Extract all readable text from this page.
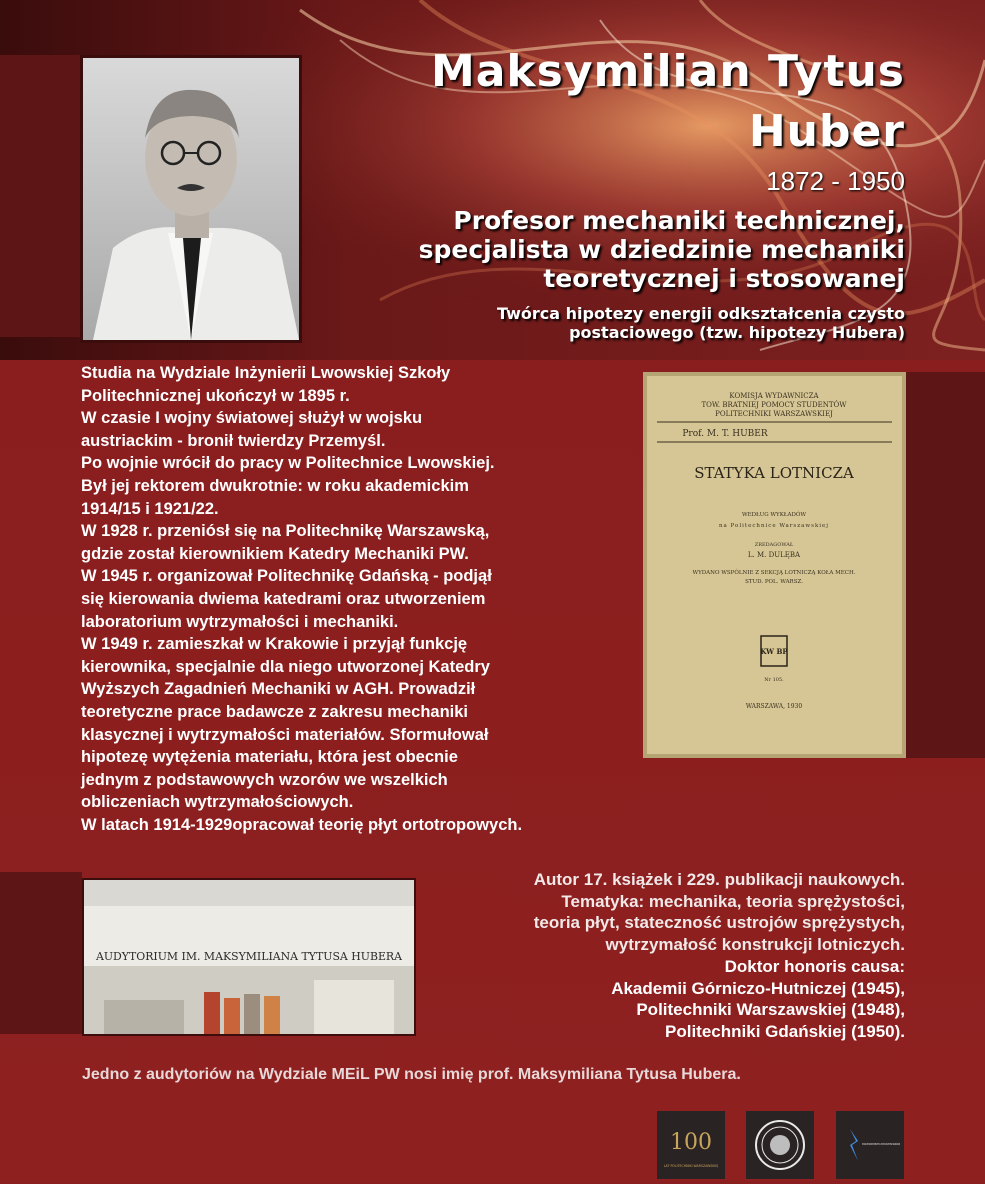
Maksymilian Tytus
Huber
1872 - 1950
Profesor mechaniki technicznej,
specjalista w dziedzinie mechaniki
teoretycznej i stosowanej
Twórca hipotezy energii odkształcenia czysto
postaciowego (tzw. hipotezy Hubera)

Studia na Wydziale Inżynierii Lwowskiej Szkoły

Politechnicznej ukończył w 1895 r.

W czasie I wojny światowej służył w wojsku

austriackim - bronił twierdzy Przemyśl.

Po wojnie wrócił do pracy w Politechnice Lwowskiej.

Był jej rektorem dwukrotnie: w roku akademickim

1914/15 i 1921/22.

W 1928 r. przeniósł się na Politechnikę Warszawską,

gdzie został kierownikiem Katedry Mechaniki PW.

W 1945 r. organizował Politechnikę Gdańską - podjął

się kierowania dwiema katedrami oraz utworzeniem

laboratorium wytrzymałości i mechaniki.

W 1949 r. zamieszkał w Krakowie i przyjął funkcję

kierownika, specjalnie dla niego utworzonej Katedry

Wyższych Zagadnień Mechaniki w AGH. Prowadził

teoretyczne prace badawcze z zakresu mechaniki

klasycznej i wytrzymałości materiałów. Sformułował

hipotezę wytężenia materiału, która jest obecnie

jednym z podstawowych wzorów we wszelkich

obliczeniach wytrzymałościowych.

W latach 1914-1929opracował teorię płyt ortotropowych.

KOMISJA WYDAWNICZA
TOW. BRATNIEJ POMOCY STUDENTÓW
POLITECHNIKI WARSZAWSKIEJ
Prof. M. T. HUBER
STATYKA LOTNICZA
WEDŁUG WYKŁADÓW
na Politechnice Warszawskiej
ZREDAGOWAŁ
L. M. DULĘBA
WYDANO WSPÓLNIE Z SEKCJĄ LOTNICZĄ KOŁA MECH.
STUD. POL. WARSZ.
KW BP
Nr 105.
WARSZAWA, 1930
AUDYTORIUM IM. MAKSYMILIANA TYTUSA HUBERA

Autor 17. książek i 229. publikacji naukowych.

Tematyka: mechanika, teoria sprężystości,

teoria płyt, stateczność ustrojów sprężystych,

wytrzymałość konstrukcji lotniczych.

Doktor honoris causa:

Akademii Górniczo-Hutniczej (1945),

Politechniki Warszawskiej (1948),

Politechniki Gdańskiej (1950).

Jedno z audytoriów na Wydziale MEiL PW nosi imię prof. Maksymiliana Tytusa Hubera.
100
LAT POLITECHNIKI WARSZAWSKIEJ
WYDZIAŁ MECHANICZNY ENERGETYKI I LOTNICTWA POLITECHNIKI WARSZAWSKIEJ
